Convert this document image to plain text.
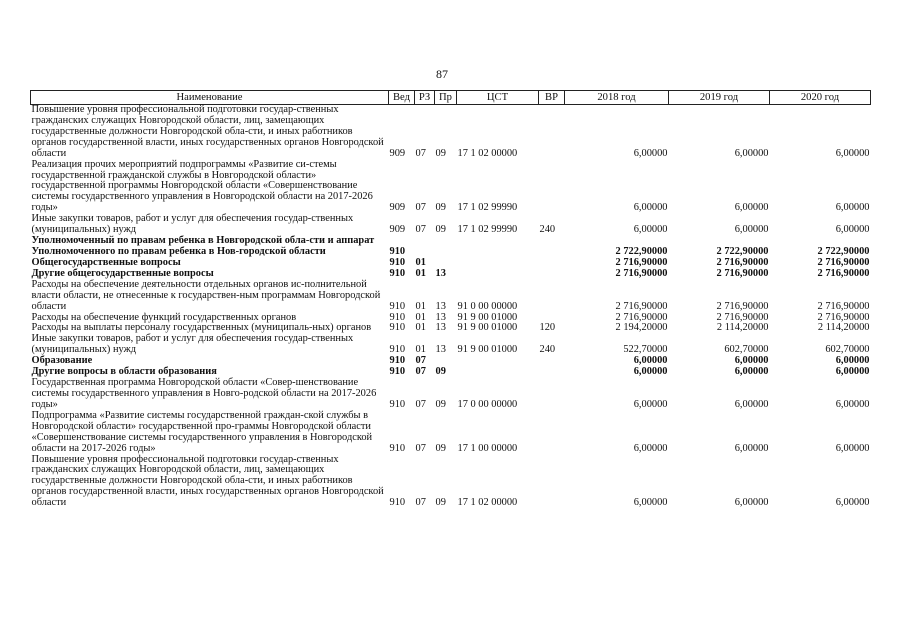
87
Наименование	Вед	РЗ	Пр	ЦСТ	ВР	2018 год	2019 год	2020 год
Повышение уровня профессиональной подготовки государ-ственных гражданских служащих Новгородской области, лиц, замещающих государственные должности Новгородской обла-сти, и иных работников органов государственной власти, иных государственных органов Новгородской области	909	07	09	17 1 02 00000		6,00000	6,00000	6,00000
Реализация прочих мероприятий подпрограммы «Развитие си-стемы государственной гражданской службы в Новгородской области» государственной программы Новгородской области «Совершенствование системы государственного управления в Новгородской области на 2017-2026 годы»	909	07	09	17 1 02 99990		6,00000	6,00000	6,00000
Иные закупки товаров, работ и услуг для обеспечения государ-ственных (муниципальных) нужд	909	07	09	17 1 02 99990	240	6,00000	6,00000	6,00000
Уполномоченный по правам ребенка в Новгородской обла-сти и аппарат Уполномоченного по правам ребенка в Нов-городской области	910					2 722,90000	2 722,90000	2 722,90000
Общегосударственные вопросы	910	01				2 716,90000	2 716,90000	2 716,90000
Другие общегосударственные вопросы	910	01	13			2 716,90000	2 716,90000	2 716,90000
Расходы на обеспечение деятельности отдельных органов ис-полнительной власти области, не отнесенные к государствен-ным программам Новгородской области	910	01	13	91 0 00 00000		2 716,90000	2 716,90000	2 716,90000
Расходы на обеспечение функций государственных органов	910	01	13	91 9 00 01000		2 716,90000	2 716,90000	2 716,90000
Расходы на выплаты персоналу государственных (муниципаль-ных) органов	910	01	13	91 9 00 01000	120	2 194,20000	2 114,20000	2 114,20000
Иные закупки товаров, работ и услуг для обеспечения государ-ственных (муниципальных) нужд	910	01	13	91 9 00 01000	240	522,70000	602,70000	602,70000
Образование	910	07				6,00000	6,00000	6,00000
Другие вопросы в области образования	910	07	09			6,00000	6,00000	6,00000
Государственная программа Новгородской области «Совер-шенствование системы государственного управления в Новго-родской области на 2017-2026 годы»	910	07	09	17 0 00 00000		6,00000	6,00000	6,00000
Подпрограмма «Развитие системы государственной граждан-ской службы в Новгородской области» государственной про-граммы Новгородской области «Совершенствование системы государственного управления в Новгородской области на 2017-2026 годы»	910	07	09	17 1 00 00000		6,00000	6,00000	6,00000
Повышение уровня профессиональной подготовки государ-ственных гражданских служащих Новгородской области, лиц, замещающих государственные должности Новгородской обла-сти, и иных работников органов государственной власти, иных государственных органов Новгородской области	910	07	09	17 1 02 00000		6,00000	6,00000	6,00000
